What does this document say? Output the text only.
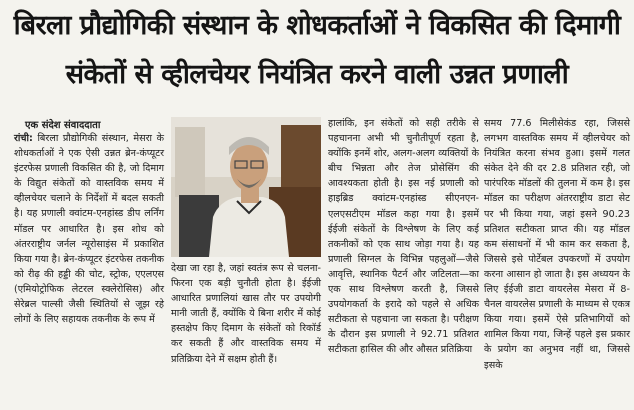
बिरला प्रौद्योगिकी संस्थान के शोधकर्ताओं ने विकसित की दिमागी
संकेतों से व्हीलचेयर नियंत्रित करने वाली उन्नत प्रणाली
एक संदेश संवाददाता

रांची: बिरला प्रौद्योगिकी संस्थान, मेसरा के शोधकर्ताओं ने एक ऐसी उन्नत ब्रेन-कंप्यूटर इंटरफेस प्रणाली विकसित की है, जो दिमाग के विद्युत संकेतों को वास्तविक समय में व्हीलचेयर चलाने के निर्देशों में बदल सकती है। यह प्रणाली क्वांटम-एनहांस्ड डीप लर्निंग मॉडल पर आधारित है। इस शोध को अंतरराष्ट्रीय जर्नल न्यूरोसाइंस में प्रकाशित किया गया है। ब्रेन-कंप्यूटर इंटरफेस तकनीक को रीढ़ की हड्डी की चोट, स्ट्रोक, एएलएस (एमियोट्रोफिक लेटरल स्क्लेरोसिस) और सेरेब्रल पाल्सी जैसी स्थितियों से जूझ रहे लोगों के लिए सहायक तकनीक के रूप में

देखा जा रहा है, जहां स्वतंत्र रूप से चलना-फिरना एक बड़ी चुनौती होता है। ईईजी आधारित प्रणालियां खास तौर पर उपयोगी मानी जाती हैं, क्योंकि ये बिना शरीर में कोई हस्तक्षेप किए दिमाग के संकेतों को रिकॉर्ड कर सकती हैं और वास्तविक समय में प्रतिक्रिया देने में सक्षम होती हैं।

हालांकि, इन संकेतों को सही तरीके से पहचानना अभी भी चुनौतीपूर्ण रहता है, क्योंकि इनमें शोर, अलग-अलग व्यक्तियों के बीच भिन्नता और तेज प्रोसेसिंग की आवश्यकता होती है। इस नई प्रणाली को हाइब्रिड क्वांटम-एनहांस्ड सीएनएन-एलएसटीएम मॉडल कहा गया है। इसमें ईईजी संकेतों के विश्लेषण के लिए कई तकनीकों को एक साथ जोड़ा गया है। यह प्रणाली सिग्नल के विभिन्न पहलुओं—जैसे आवृत्ति, स्थानिक पैटर्न और जटिलता—का एक साथ विश्लेषण करती है, जिससे उपयोगकर्ता के इरादे को पहले से अधिक सटीकता से पहचाना जा सकता है। परीक्षण के दौरान इस प्रणाली ने 92.71 प्रतिशत सटीकता हासिल की और औसत प्रतिक्रिया

समय 77.6 मिलीसेकंड रहा, जिससे लगभग वास्तविक समय में व्हीलचेयर को नियंत्रित करना संभव हुआ। इसमें गलत संकेत देने की दर 2.8 प्रतिशत रही, जो पारंपरिक मॉडलों की तुलना में कम है। इस मॉडल का परीक्षण अंतरराष्ट्रीय डाटा सेट पर भी किया गया, जहां इसने 90.23 प्रतिशत सटीकता प्राप्त की। यह मॉडल कम संसाधनों में भी काम कर सकता है, जिससे इसे पोर्टेबल उपकरणों में उपयोग करना आसान हो जाता है। इस अध्ययन के लिए ईईजी डाटा वायरलेस मेसरा में 8-चैनल वायरलेस प्रणाली के माध्यम से एकत्र किया गया। इसमें ऐसे प्रतिभागियों को शामिल किया गया, जिन्हें पहले इस प्रकार के प्रयोग का अनुभव नहीं था, जिससे इसके
